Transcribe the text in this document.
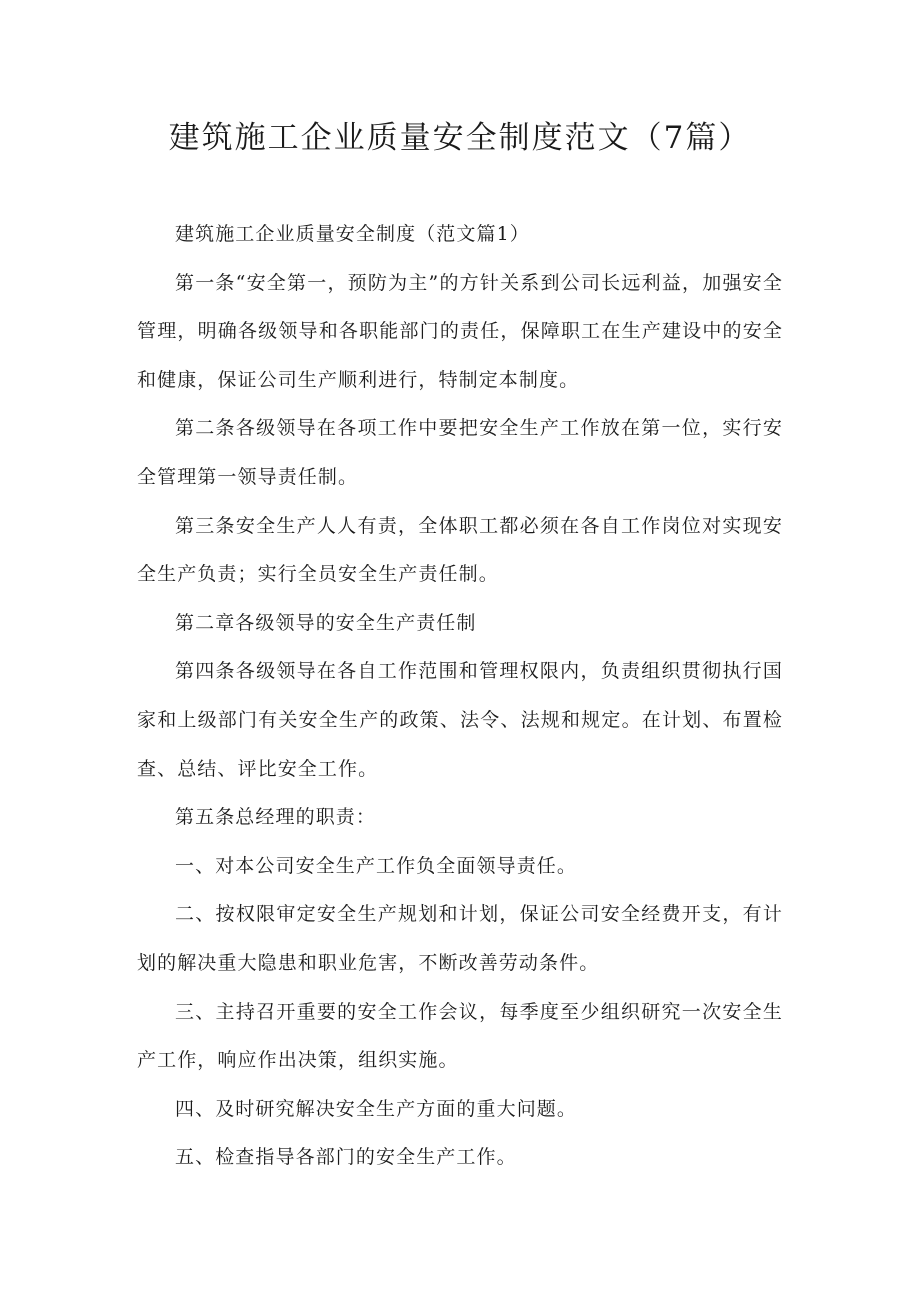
建筑施工企业质量安全制度范文（7篇）

建筑施工企业质量安全制度（范文篇1）

第一条“安全第一，预防为主”的方针关系到公司长远利益，加强安全管理，明确各级领导和各职能部门的责任，保障职工在生产建设中的安全和健康，保证公司生产顺利进行，特制定本制度。

第二条各级领导在各项工作中要把安全生产工作放在第一位，实行安全管理第一领导责任制。

第三条安全生产人人有责，全体职工都必须在各自工作岗位对实现安全生产负责；实行全员安全生产责任制。

第二章各级领导的安全生产责任制

第四条各级领导在各自工作范围和管理权限内，负责组织贯彻执行国家和上级部门有关安全生产的政策、法令、法规和规定。在计划、布置检查、总结、评比安全工作。

第五条总经理的职责：

一、对本公司安全生产工作负全面领导责任。

二、按权限审定安全生产规划和计划，保证公司安全经费开支，有计划的解决重大隐患和职业危害，不断改善劳动条件。

三、主持召开重要的安全工作会议，每季度至少组织研究一次安全生产工作，响应作出决策，组织实施。

四、及时研究解决安全生产方面的重大问题。

五、检查指导各部门的安全生产工作。
